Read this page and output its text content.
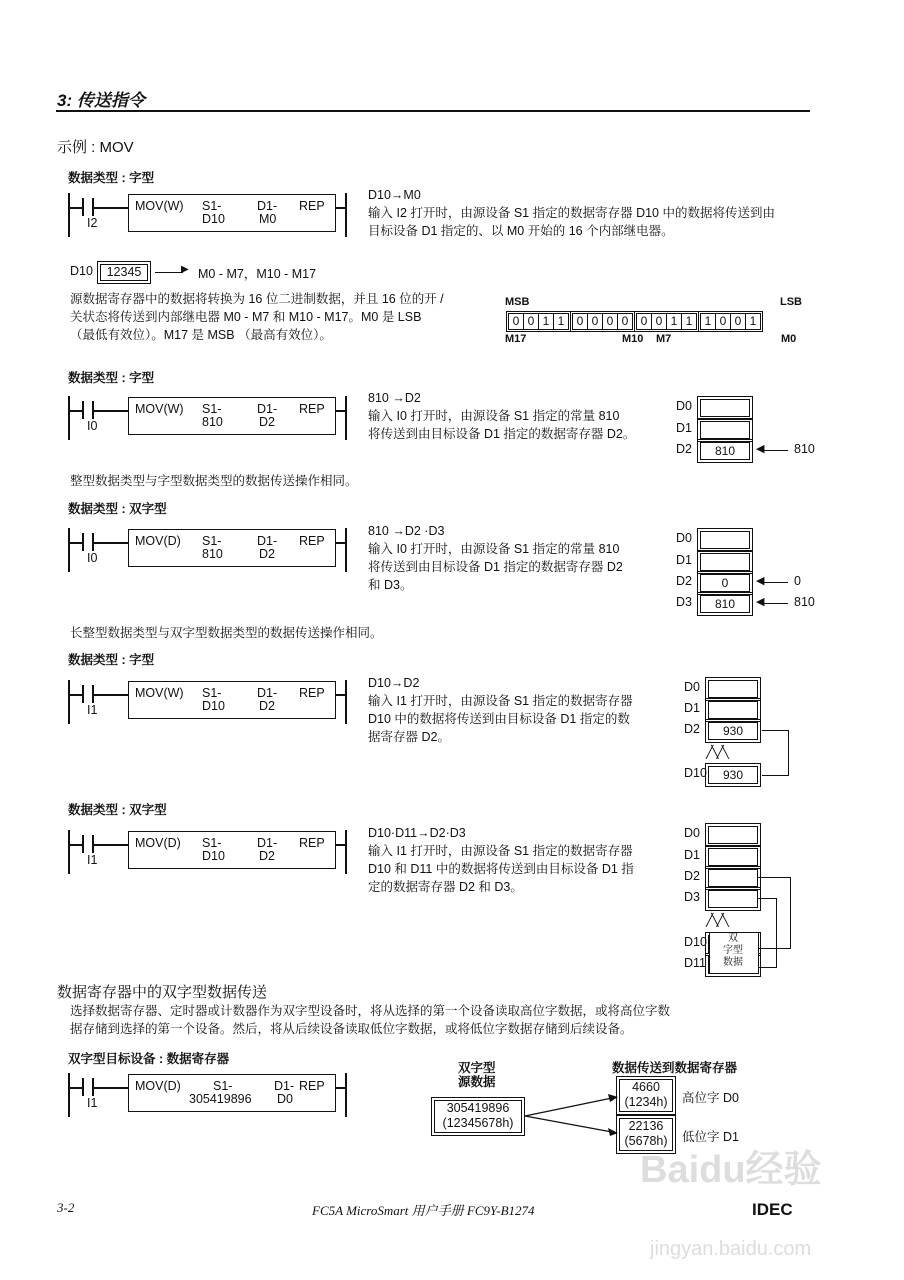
3: 传送指令
示例 : MOV
数据类型 : 字型
I2
MOV(W) S1-
D10
D1-
M0
REP
D10→M0
输入 I2 打开时，由源设备 S1 指定的数据寄存器 D10 中的数据将传送到由
目标设备 D1 指定的、以 M0 开始的 16 个内部继电器。
D10	12345	▶ M0 - M7，M10 - M17
源数据寄存器中的数据将转换为 16 位二进制数据，并且 16 位的开 /
关状态将传送到内部继电器 M0 - M7 和 M10 - M17。M0 是 LSB
（最低有效位）。M17 是 MSB （最高有效位）。
MSB	LSB
0 0 1 1	0 0 0 0	0 0 1 1	1 0 0 1
M17	M10 M7	M0
数据类型 : 字型
I0
MOV(W) S1-
810
D1-
D2
REP
810 →D2
输入 I0 打开时，由源设备 S1 指定的常量 810
将传送到由目标设备 D1 指定的数据寄存器 D2。
D0
D1
D2	810	◀ 810
整型数据类型与字型数据类型的数据传送操作相同。
数据类型 : 双字型
I0
MOV(D) S1-
810
D1-
D2
REP
810 →D2 ·D3
输入 I0 打开时，由源设备 S1 指定的常量 810
将传送到由目标设备 D1 指定的数据寄存器 D2
和 D3。
D0
D1
D2	0	◀ 0
D3	810	◀ 810
长整型数据类型与双字型数据类型的数据传送操作相同。
数据类型 : 字型
I1
MOV(W) S1-
D10
D1-
D2
REP
D10→D2
输入 I1 打开时，由源设备 S1 指定的数据寄存器
D10 中的数据将传送到由目标设备 D1 指定的数
据寄存器 D2。
D0
D1
D2	930
D10	930
╱╲╱╲
数据类型 : 双字型
I1
MOV(D) S1-
D10
D1-
D2
REP
D10·D11→D2·D3
输入 I1 打开时，由源设备 S1 指定的数据寄存器
D10 和 D11 中的数据将传送到由目标设备 D1 指
定的数据寄存器 D2 和 D3。
D0
D1
D2
D3
D10
D11
╱╲╱╲
双
字型
数据
数据寄存器中的双字型数据传送
选择数据寄存器、定时器或计数器作为双字型设备时，将从选择的第一个设备读取高位字数据，或将高位字数
据存储到选择的第一个设备。然后，将从后续设备读取低位字数据，或将低位字数据存储到后续设备。
双字型目标设备 : 数据寄存器
I1
MOV(D)	S1-
305419896
D1-
D0
REP
双字型
源数据
305419896
(12345678h)
数据传送到数据寄存器
4660
(1234h)
22136
(5678h)
高位字 D0
低位字 D1
3-2	FC5A MicroSmart 用户手册 FC9Y-B1274
Baidu经验
jingyan.baidu.com
IDEC
